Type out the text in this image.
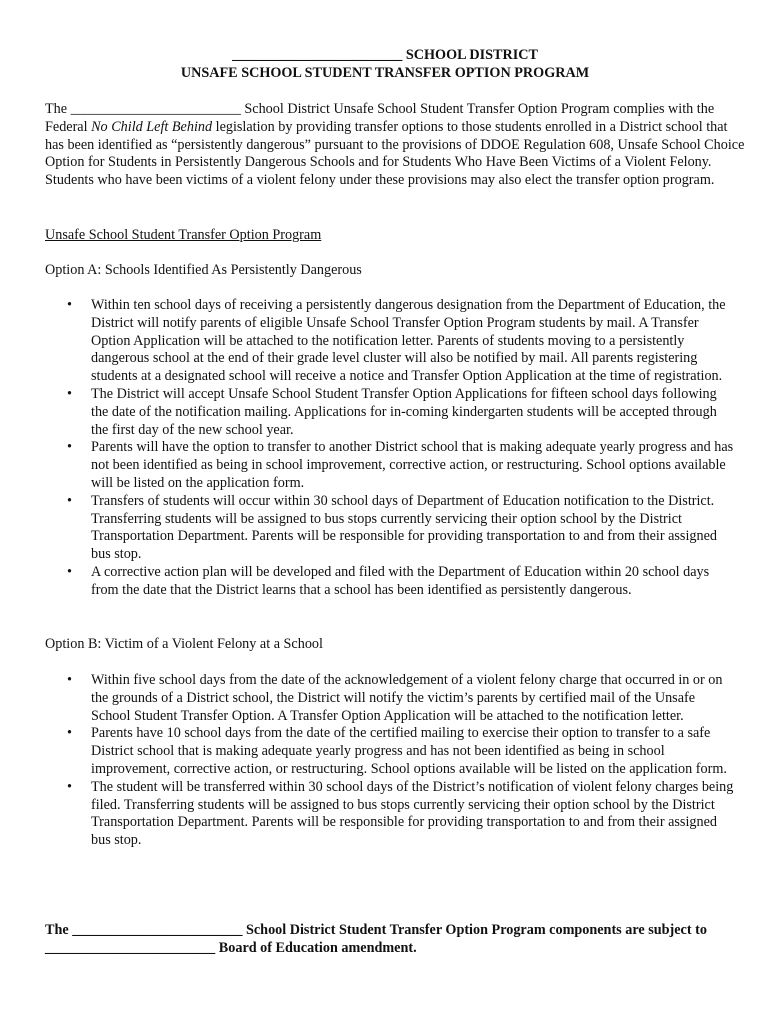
________________________ SCHOOL DISTRICT
UNSAFE SCHOOL STUDENT TRANSFER OPTION PROGRAM
The ________________________ School District Unsafe School Student Transfer Option Program complies with the Federal No Child Left Behind legislation by providing transfer options to those students enrolled in a District school that has been identified as “persistently dangerous” pursuant to the provisions of DDOE Regulation 608, Unsafe School Choice Option for Students in Persistently Dangerous Schools and for Students Who Have Been Victims of a Violent Felony. Students who have been victims of a violent felony under these provisions may also elect the transfer option program.
Unsafe School Student Transfer Option Program
Option A: Schools Identified As Persistently Dangerous
• Within ten school days of receiving a persistently dangerous designation from the Department of Education, the District will notify parents of eligible Unsafe School Transfer Option Program students by mail. A Transfer Option Application will be attached to the notification letter. Parents of students moving to a persistently dangerous school at the end of their grade level cluster will also be notified by mail. All parents registering students at a designated school will receive a notice and Transfer Option Application at the time of registration.
• The District will accept Unsafe School Student Transfer Option Applications for fifteen school days following the date of the notification mailing. Applications for in-coming kindergarten students will be accepted through the first day of the new school year.
• Parents will have the option to transfer to another District school that is making adequate yearly progress and has not been identified as being in school improvement, corrective action, or restructuring. School options available will be listed on the application form.
• Transfers of students will occur within 30 school days of Department of Education notification to the District. Transferring students will be assigned to bus stops currently servicing their option school by the District Transportation Department. Parents will be responsible for providing transportation to and from their assigned bus stop.
• A corrective action plan will be developed and filed with the Department of Education within 20 school days from the date that the District learns that a school has been identified as persistently dangerous.
Option B: Victim of a Violent Felony at a School
• Within five school days from the date of the acknowledgement of a violent felony charge that occurred in or on the grounds of a District school, the District will notify the victim’s parents by certified mail of the Unsafe School Student Transfer Option. A Transfer Option Application will be attached to the notification letter.
• Parents have 10 school days from the date of the certified mailing to exercise their option to transfer to a safe District school that is making adequate yearly progress and has not been identified as being in school improvement, corrective action, or restructuring. School options available will be listed on the application form.
• The student will be transferred within 30 school days of the District’s notification of violent felony charges being filed. Transferring students will be assigned to bus stops currently servicing their option school by the District Transportation Department. Parents will be responsible for providing transportation to and from their assigned bus stop.
The ________________________ School District Student Transfer Option Program components are subject to ________________________ Board of Education amendment.
